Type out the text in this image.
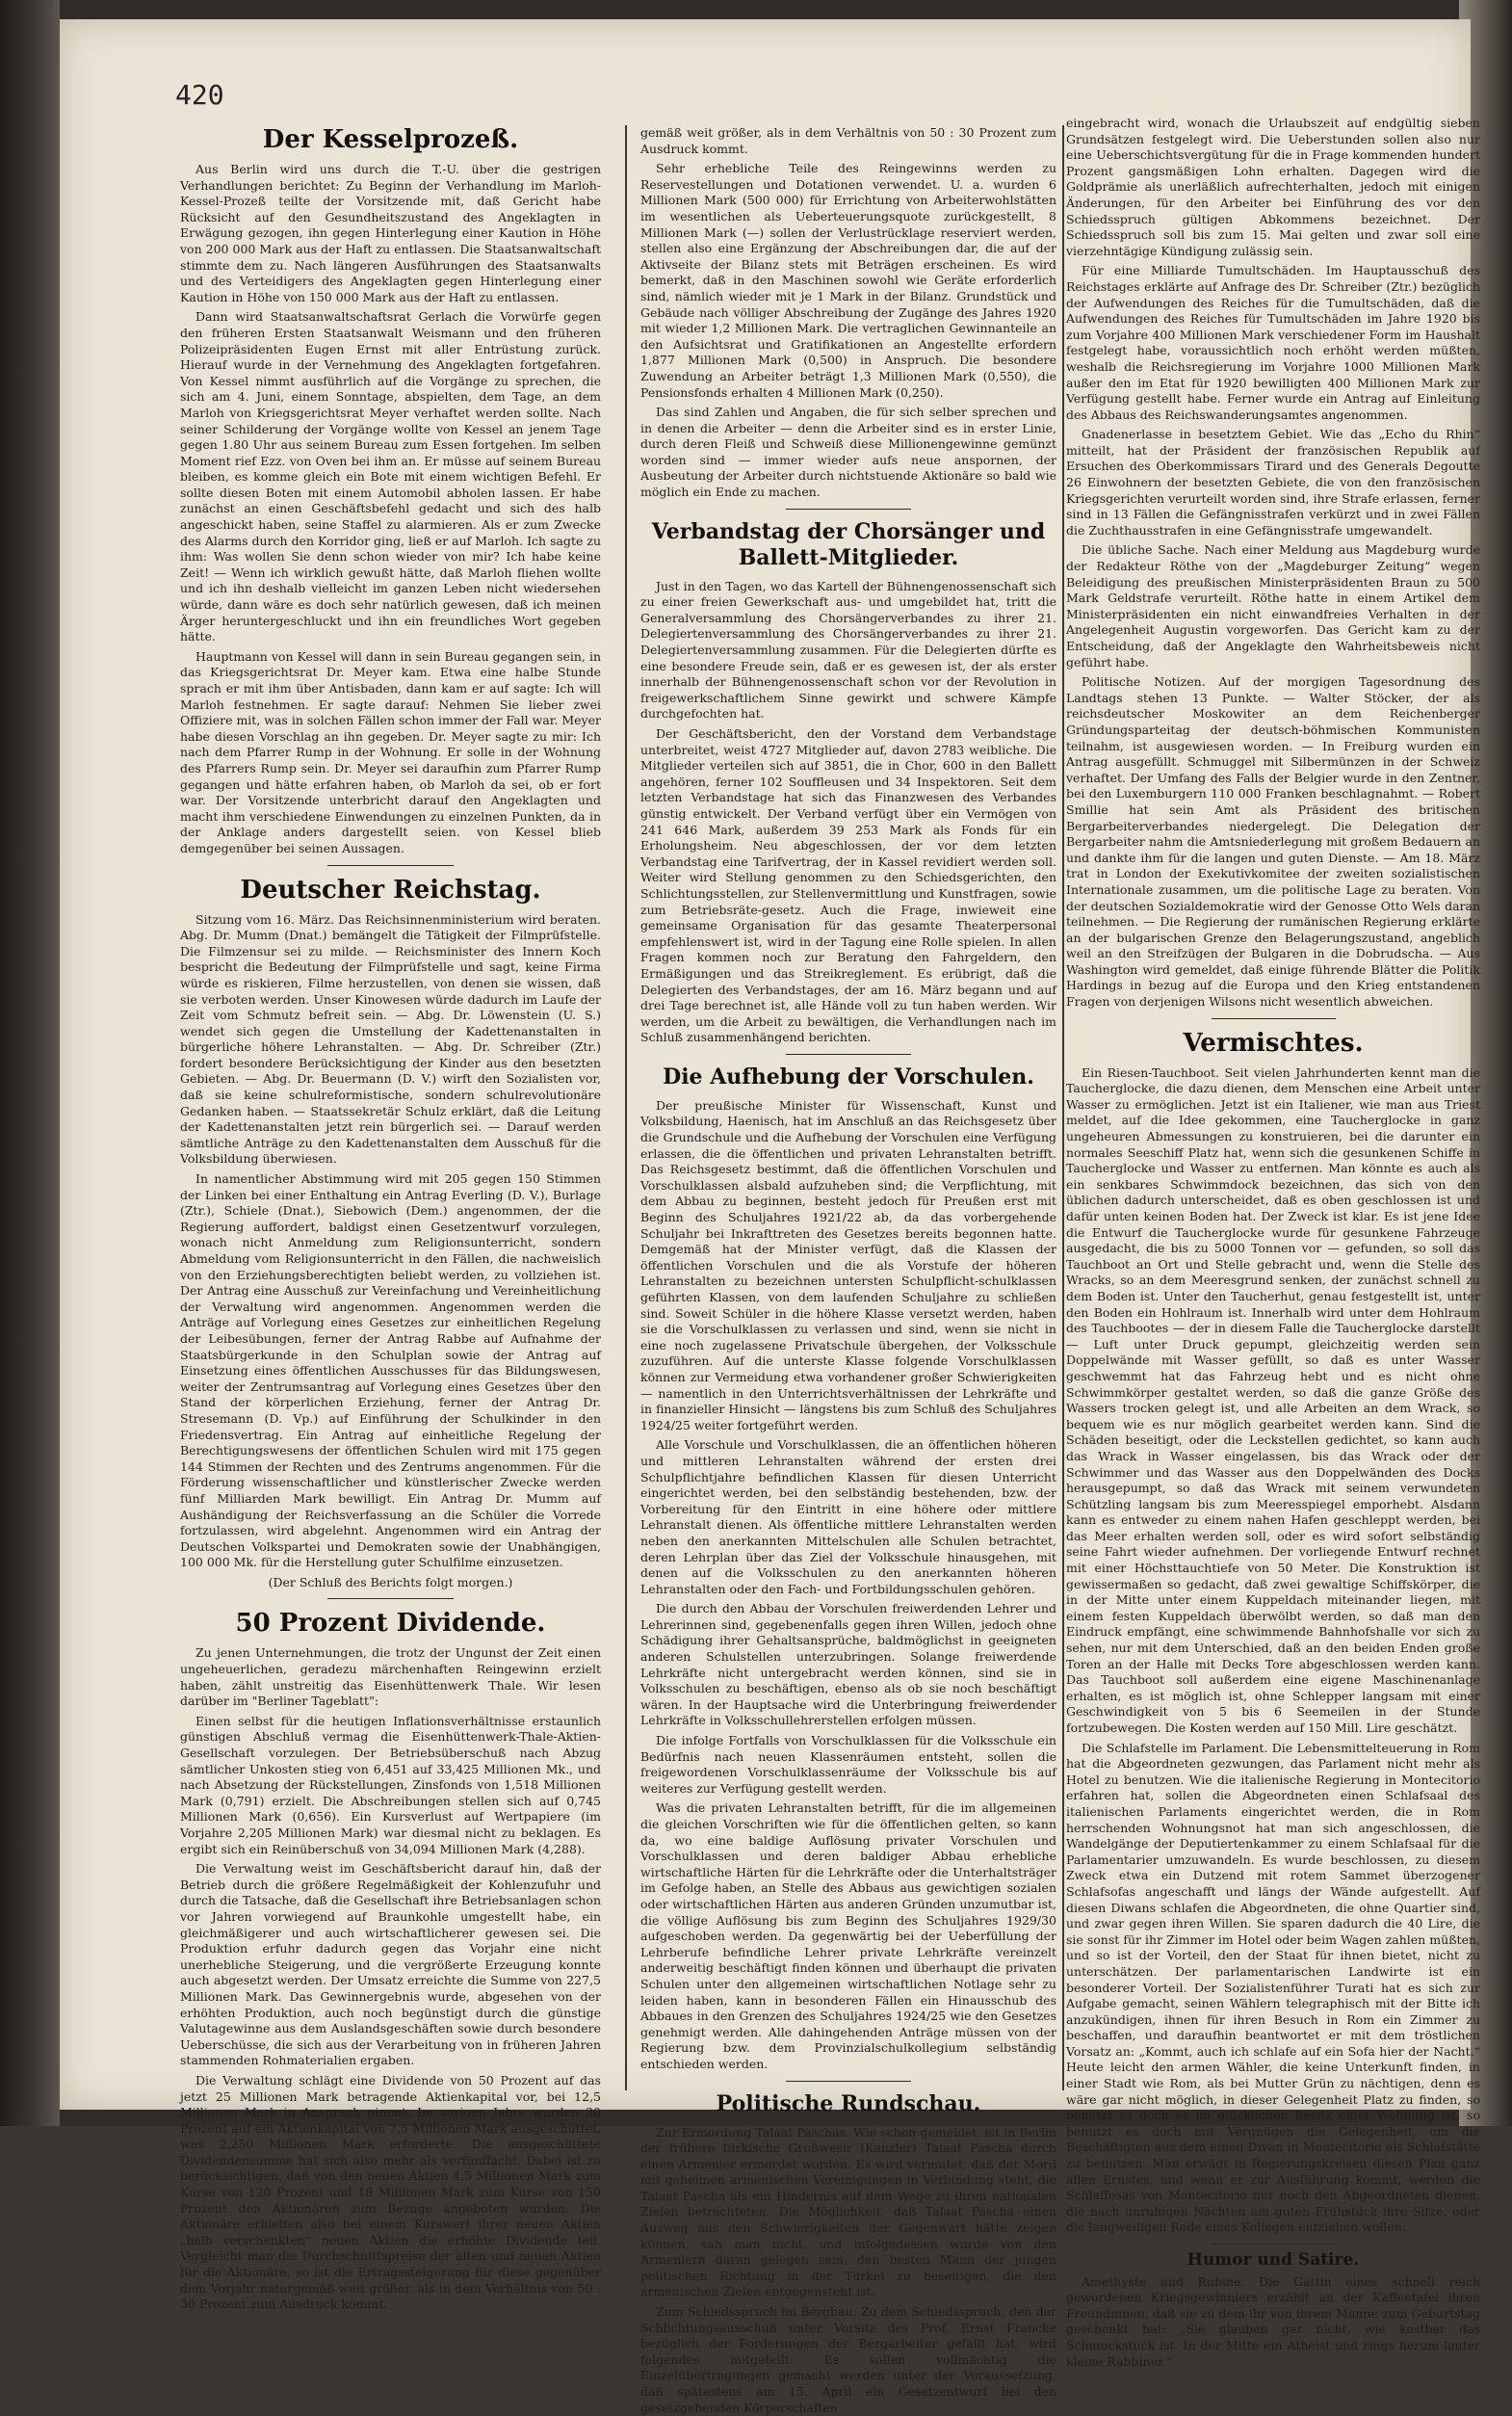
420
Der Kesselprozeß.

Aus Berlin wird uns durch die T.-U. über die gestrigen Verhandlungen berichtet: Zu Beginn der Verhandlung im Marloh-Kessel-Prozeß teilte der Vorsitzende mit, daß Gericht habe Rücksicht auf den Gesundheitszustand des Angeklagten in Erwägung gezogen, ihn gegen Hinterlegung einer Kaution in Höhe von 200 000 Mark aus der Haft zu entlassen. Die Staatsanwaltschaft stimmte dem zu. Nach längeren Ausführungen des Staatsanwalts und des Verteidigers des Angeklagten gegen Hinterlegung einer Kaution in Höhe von 150 000 Mark aus der Haft zu entlassen.

Dann wird Staatsanwaltschaftsrat Gerlach die Vorwürfe gegen den früheren Ersten Staatsanwalt Weismann und den früheren Polizeipräsidenten Eugen Ernst mit aller Entrüstung zurück. Hierauf wurde in der Vernehmung des Angeklagten fortgefahren. Von Kessel nimmt ausführlich auf die Vorgänge zu sprechen, die sich am 4. Juni, einem Sonntage, abspielten, dem Tage, an dem Marloh von Kriegsgerichtsrat Meyer verhaftet werden sollte. Nach seiner Schilderung der Vorgänge wollte von Kessel an jenem Tage gegen 1.80 Uhr aus seinem Bureau zum Essen fortgehen. Im selben Moment rief Ezz. von Oven bei ihm an. Er müsse auf seinem Bureau bleiben, es komme gleich ein Bote mit einem wichtigen Befehl. Er sollte diesen Boten mit einem Automobil abholen lassen. Er habe zunächst an einen Geschäftsbefehl gedacht und sich des halb angeschickt haben, seine Staffel zu alarmieren. Als er zum Zwecke des Alarms durch den Korridor ging, ließ er auf Marloh. Ich sagte zu ihm: Was wollen Sie denn schon wieder von mir? Ich habe keine Zeit! — Wenn ich wirklich gewußt hätte, daß Marloh fliehen wollte und ich ihn deshalb vielleicht im ganzen Leben nicht wiedersehen würde, dann wäre es doch sehr natürlich gewesen, daß ich meinen Ärger heruntergeschluckt und ihn ein freundliches Wort gegeben hätte.

Hauptmann von Kessel will dann in sein Bureau gegangen sein, in das Kriegsgerichtsrat Dr. Meyer kam. Etwa eine halbe Stunde sprach er mit ihm über Antisbaden, dann kam er auf sagte: Ich will Marloh festnehmen. Er sagte darauf: Nehmen Sie lieber zwei Offiziere mit, was in solchen Fällen schon immer der Fall war. Meyer habe diesen Vorschlag an ihn gegeben. Dr. Meyer sagte zu mir: Ich nach dem Pfarrer Rump in der Wohnung. Er solle in der Wohnung des Pfarrers Rump sein. Dr. Meyer sei daraufhin zum Pfarrer Rump gegangen und hätte erfahren haben, ob Marloh da sei, ob er fort war. Der Vorsitzende unterbricht darauf den Angeklagten und macht ihm verschiedene Einwendungen zu einzelnen Punkten, da in der Anklage anders dargestellt seien. von Kessel blieb demgegenüber bei seinen Aussagen.

Deutscher Reichstag.

Sitzung vom 16. März. Das Reichsinnenministerium wird beraten. Abg. Dr. Mumm (Dnat.) bemängelt die Tätigkeit der Filmprüfstelle. Die Filmzensur sei zu milde. — Reichsminister des Innern Koch bespricht die Bedeutung der Filmprüfstelle und sagt, keine Firma würde es riskieren, Filme herzustellen, von denen sie wissen, daß sie verboten werden. Unser Kinowesen würde dadurch im Laufe der Zeit vom Schmutz befreit sein. — Abg. Dr. Löwenstein (U. S.) wendet sich gegen die Umstellung der Kadettenanstalten in bürgerliche höhere Lehranstalten. — Abg. Dr. Schreiber (Ztr.) fordert besondere Berücksichtigung der Kinder aus den besetzten Gebieten. — Abg. Dr. Beuermann (D. V.) wirft den Sozialisten vor, daß sie keine schulreformistische, sondern schulrevolutionäre Gedanken haben. — Staatssekretär Schulz erklärt, daß die Leitung der Kadettenanstalten jetzt rein bürgerlich sei. — Darauf werden sämtliche Anträge zu den Kadettenanstalten dem Ausschuß für die Volksbildung überwiesen.

In namentlicher Abstimmung wird mit 205 gegen 150 Stimmen der Linken bei einer Enthaltung ein Antrag Everling (D. V.), Burlage (Ztr.), Schiele (Dnat.), Siebowich (Dem.) angenommen, der die Regierung auffordert, baldigst einen Gesetzentwurf vorzulegen, wonach nicht Anmeldung zum Religionsunterricht, sondern Abmeldung vom Religionsunterricht in den Fällen, die nachweislich von den Erziehungsberechtigten beliebt werden, zu vollziehen ist. Der Antrag eine Ausschuß zur Vereinfachung und Vereinheitlichung der Verwaltung wird angenommen. Angenommen werden die Anträge auf Vorlegung eines Gesetzes zur einheitlichen Regelung der Leibesübungen, ferner der Antrag Rabbe auf Aufnahme der Staatsbürgerkunde in den Schulplan sowie der Antrag auf Einsetzung eines öffentlichen Ausschusses für das Bildungswesen, weiter der Zentrumsantrag auf Vorlegung eines Gesetzes über den Stand der körperlichen Erziehung, ferner der Antrag Dr. Stresemann (D. Vp.) auf Einführung der Schulkinder in den Friedensvertrag. Ein Antrag auf einheitliche Regelung der Berechtigungswesens der öffentlichen Schulen wird mit 175 gegen 144 Stimmen der Rechten und des Zentrums angenommen. Für die Förderung wissenschaftlicher und künstlerischer Zwecke werden fünf Milliarden Mark bewilligt. Ein Antrag Dr. Mumm auf Aushändigung der Reichsverfassung an die Schüler die Vorrede fortzulassen, wird abgelehnt. Angenommen wird ein Antrag der Deutschen Volkspartei und Demokraten sowie der Unabhängigen, 100 000 Mk. für die Herstellung guter Schulfilme einzusetzen.

(Der Schluß des Berichts folgt morgen.)

50 Prozent Dividende.

Zu jenen Unternehmungen, die trotz der Ungunst der Zeit einen ungeheuerlichen, geradezu märchenhaften Reingewinn erzielt haben, zählt unstreitig das Eisenhüttenwerk Thale. Wir lesen darüber im "Berliner Tageblatt":

Einen selbst für die heutigen Inflationsverhältnisse erstaunlich günstigen Abschluß vermag die Eisenhüttenwerk-Thale-Aktien-Gesellschaft vorzulegen. Der Betriebsüberschuß nach Abzug sämtlicher Unkosten stieg von 6,451 auf 33,425 Millionen Mk., und nach Absetzung der Rückstellungen, Zinsfonds von 1,518 Millionen Mark (0,791) erzielt. Die Abschreibungen stellen sich auf 0,745 Millionen Mark (0,656). Ein Kursverlust auf Wertpapiere (im Vorjahre 2,205 Millionen Mark) war diesmal nicht zu beklagen. Es ergibt sich ein Reinüberschuß von 34,094 Millionen Mark (4,288).

Die Verwaltung weist im Geschäftsbericht darauf hin, daß der Betrieb durch die größere Regelmäßigkeit der Kohlenzufuhr und durch die Tatsache, daß die Gesellschaft ihre Betriebsanlagen schon vor Jahren vorwiegend auf Braunkohle umgestellt habe, ein gleichmäßigerer und auch wirtschaftlicherer gewesen sei. Die Produktion erfuhr dadurch gegen das Vorjahr eine nicht unerhebliche Steigerung, und die vergrößerte Erzeugung konnte auch abgesetzt werden. Der Umsatz erreichte die Summe von 227,5 Millionen Mark. Das Gewinnergebnis wurde, abgesehen von der erhöhten Produktion, auch noch begünstigt durch die günstige Valutagewinne aus dem Auslandsgeschäften sowie durch besondere Ueberschüsse, die sich aus der Verarbeitung von in früheren Jahren stammenden Rohmaterialien ergaben.

Die Verwaltung schlägt eine Dividende von 50 Prozent auf das jetzt 25 Millionen Mark betragende Aktienkapital vor, bei 12,5 Millionen Mark in Anspruch nimmt. Im vorigen Jahre wurden 30 Prozent auf ein Aktienkapital von 7,5 Millionen Mark ausgeschüttet, was 2,250 Millionen Mark erforderte. Die ausgeschüttete Dividendensumme hat sich also mehr als verfünffacht. Dabei ist zu berücksichtigen, daß von den neuen Aktien 4,5 Millionen Mark zum Kurse von 120 Prozent und 18 Millionen Mark zum Kurse von 150 Prozent den Aktionären zum Bezuge angeboten wurden. Die Aktionäre erhielten also bei einem Kurswert ihrer neuen Aktien „halb verschenkten“ neuen Aktien die erhöhte Dividende teil. Vergleicht man die Durchschnittspreise der alten und neuen Aktien für die Aktionäre, so ist die Ertragssteigerung für diese gegenüber dem Vorjahr naturgemäß weit größer, als in dem Verhältnis von 50 : 30 Prozent zum Ausdruck kommt.

gemäß weit größer, als in dem Verhältnis von 50 : 30 Prozent zum Ausdruck kommt.

Sehr erhebliche Teile des Reingewinns werden zu Reservestellungen und Dotationen verwendet. U. a. wurden 6 Millionen Mark (500 000) für Errichtung von Arbeiterwohlstätten im wesentlichen als Ueberteuerungsquote zurückgestellt, 8 Millionen Mark (—) sollen der Verlustrücklage reserviert werden, stellen also eine Ergänzung der Abschreibungen dar, die auf der Aktivseite der Bilanz stets mit Beträgen erscheinen. Es wird bemerkt, daß in den Maschinen sowohl wie Geräte erforderlich sind, nämlich wieder mit je 1 Mark in der Bilanz. Grundstück und Gebäude nach völliger Abschreibung der Zugänge des Jahres 1920 mit wieder 1,2 Millionen Mark. Die vertraglichen Gewinnanteile an den Aufsichtsrat und Gratifikationen an Angestellte erfordern 1,877 Millionen Mark (0,500) in Anspruch. Die besondere Zuwendung an Arbeiter beträgt 1,3 Millionen Mark (0,550), die Pensionsfonds erhalten 4 Millionen Mark (0,250).

Das sind Zahlen und Angaben, die für sich selber sprechen und in denen die Arbeiter — denn die Arbeiter sind es in erster Linie, durch deren Fleiß und Schweiß diese Millionengewinne gemünzt worden sind — immer wieder aufs neue anspornen, der Ausbeutung der Arbeiter durch nichtstuende Aktionäre so bald wie möglich ein Ende zu machen.

Verbandstag der Chorsänger und Ballett-Mitglieder.

Just in den Tagen, wo das Kartell der Bühnengenossenschaft sich zu einer freien Gewerkschaft aus- und umgebildet hat, tritt die Generalversammlung des Chorsängerverbandes zu ihrer 21. Delegiertenversammlung des Chorsängerverbandes zu ihrer 21. Delegiertenversammlung zusammen. Für die Delegierten dürfte es eine besondere Freude sein, daß er es gewesen ist, der als erster innerhalb der Bühnengenossenschaft schon vor der Revolution in freigewerkschaftlichem Sinne gewirkt und schwere Kämpfe durchgefochten hat.

Der Geschäftsbericht, den der Vorstand dem Verbandstage unterbreitet, weist 4727 Mitglieder auf, davon 2783 weibliche. Die Mitglieder verteilen sich auf 3851, die in Chor, 600 in den Ballett angehören, ferner 102 Souffleusen und 34 Inspektoren. Seit dem letzten Verbandstage hat sich das Finanzwesen des Verbandes günstig entwickelt. Der Verband verfügt über ein Vermögen von 241 646 Mark, außerdem 39 253 Mark als Fonds für ein Erholungsheim. Neu abgeschlossen, der vor dem letzten Verbandstag eine Tarifvertrag, der in Kassel revidiert werden soll. Weiter wird Stellung genommen zu den Schiedsgerichten, den Schlichtungsstellen, zur Stellenvermittlung und Kunstfragen, sowie zum Betriebsräte-gesetz. Auch die Frage, inwieweit eine gemeinsame Organisation für das gesamte Theaterpersonal empfehlenswert ist, wird in der Tagung eine Rolle spielen. In allen Fragen kommen noch zur Beratung den Fahrgeldern, den Ermäßigungen und das Streikreglement. Es erübrigt, daß die Delegierten des Verbandstages, der am 16. März begann und auf drei Tage berechnet ist, alle Hände voll zu tun haben werden. Wir werden, um die Arbeit zu bewältigen, die Verhandlungen nach im Schluß zusammenhängend berichten.

Die Aufhebung der Vorschulen.

Der preußische Minister für Wissenschaft, Kunst und Volksbildung, Haenisch, hat im Anschluß an das Reichsgesetz über die Grundschule und die Aufhebung der Vorschulen eine Verfügung erlassen, die die öffentlichen und privaten Lehranstalten betrifft. Das Reichsgesetz bestimmt, daß die öffentlichen Vorschulen und Vorschulklassen alsbald aufzuheben sind; die Verpflichtung, mit dem Abbau zu beginnen, besteht jedoch für Preußen erst mit Beginn des Schuljahres 1921/22 ab, da das vorbergehende Schuljahr bei Inkrafttreten des Gesetzes bereits begonnen hatte. Demgemäß hat der Minister verfügt, daß die Klassen der öffentlichen Vorschulen und die als Vorstufe der höheren Lehranstalten zu bezeichnen untersten Schulpflicht-schulklassen geführten Klassen, von dem laufenden Schuljahre zu schließen sind. Soweit Schüler in die höhere Klasse versetzt werden, haben sie die Vorschulklassen zu verlassen und sind, wenn sie nicht in eine noch zugelassene Privatschule übergehen, der Volksschule zuzuführen. Auf die unterste Klasse folgende Vorschulklassen können zur Vermeidung etwa vorhandener großer Schwierigkeiten — namentlich in den Unterrichtsverhältnissen der Lehrkräfte und in finanzieller Hinsicht — längstens bis zum Schluß des Schuljahres 1924/25 weiter fortgeführt werden.

Alle Vorschule und Vorschulklassen, die an öffentlichen höheren und mittleren Lehranstalten während der ersten drei Schulpflichtjahre befindlichen Klassen für diesen Unterricht eingerichtet werden, bei den selbständig bestehenden, bzw. der Vorbereitung für den Eintritt in eine höhere oder mittlere Lehranstalt dienen. Als öffentliche mittlere Lehranstalten werden neben den anerkannten Mittelschulen alle Schulen betrachtet, deren Lehrplan über das Ziel der Volksschule hinausgehen, mit denen auf die Volksschulen zu den anerkannten höheren Lehranstalten oder den Fach- und Fortbildungsschulen gehören.

Die durch den Abbau der Vorschulen freiwerdenden Lehrer und Lehrerinnen sind, gegebenenfalls gegen ihren Willen, jedoch ohne Schädigung ihrer Gehaltsansprüche, baldmöglichst in geeigneten anderen Schulstellen unterzubringen. Solange freiwerdende Lehrkräfte nicht untergebracht werden können, sind sie in Volksschulen zu beschäftigen, ebenso als ob sie noch beschäftigt wären. In der Hauptsache wird die Unterbringung freiwerdender Lehrkräfte in Volksschullehrerstellen erfolgen müssen.

Die infolge Fortfalls von Vorschulklassen für die Volksschule ein Bedürfnis nach neuen Klassenräumen entsteht, sollen die freigewordenen Vorschulklassenräume der Volksschule bis auf weiteres zur Verfügung gestellt werden.

Was die privaten Lehranstalten betrifft, für die im allgemeinen die gleichen Vorschriften wie für die öffentlichen gelten, so kann da, wo eine baldige Auflösung privater Vorschulen und Vorschulklassen und deren baldiger Abbau erhebliche wirtschaftliche Härten für die Lehrkräfte oder die Unterhaltsträger im Gefolge haben, an Stelle des Abbaus aus gewichtigen sozialen oder wirtschaftlichen Härten aus anderen Gründen unzumutbar ist, die völlige Auflösung bis zum Beginn des Schuljahres 1929/30 aufgeschoben werden. Da gegenwärtig bei der Ueberfüllung der Lehrberufe befindliche Lehrer private Lehrkräfte vereinzelt anderweitig beschäftigt finden können und überhaupt die privaten Schulen unter den allgemeinen wirtschaftlichen Notlage sehr zu leiden haben, kann in besonderen Fällen ein Hinausschub des Abbaues in den Grenzen des Schuljahres 1924/25 wie den Gesetzes genehmigt werden. Alle dahingehenden Anträge müssen von der Regierung bzw. dem Provinzialschulkollegium selbständig entschieden werden.

Politische Rundschau.

Zur Ermordung Talaat Paschas. Wie schon gemeldet, ist in Berlin der frühere türkische Großwesir (Kanzler) Talaat Pascha durch einen Armenier ermordet worden. Es wird vermutet, daß der Mord mit geheimen armenischen Vereinigungen in Verbindung steht, die Talaat Pascha als ein Hindernis auf dem Wege zu ihren nationalen Zielen betrachteten. Die Möglichkeit, daß Talaat Pascha einen Ausweg aus den Schwierigkeiten der Gegenwart hätte zeigen können, sah man nicht, und infolgedessen wurde von den Armeniern daran gelegen sein, den besten Mann der jungen politischen Richtung in der Türkei zu beseitigen, die den armenischen Zielen entgegensteht ist.

Zum Schiedsspruch im Bergbau. Zu dem Schiedsspruch, den der Schlichtungsausschuß unter Vorsitz des Prof. Ernst Francke bezüglich der Forderungen der Bergarbeiter gefällt hat, wird folgendes mitgeteilt: Es sollen vollmächtig die Einzelübertragungen gemacht werden unter der Voraussetzung, daß spätestens am 15. April ein Gesetzentwurf bei den gesetzgebenden Körperschaften

eingebracht wird, wonach die Urlaubszeit auf endgültig sieben Grundsätzen festgelegt wird. Die Ueberstunden sollen also nur eine Ueberschichtsvergütung für die in Frage kommenden hundert Prozent gangsmäßigen Lohn erhalten. Dagegen wird die Goldprämie als unerläßlich aufrechterhalten, jedoch mit einigen Änderungen, für den Arbeiter bei Einführung des vor den Schiedsspruch gültigen Abkommens bezeichnet. Der Schiedsspruch soll bis zum 15. Mai gelten und zwar soll eine vierzehntägige Kündigung zulässig sein.

Für eine Milliarde Tumultschäden. Im Hauptausschuß des Reichstages erklärte auf Anfrage des Dr. Schreiber (Ztr.) bezüglich der Aufwendungen des Reiches für die Tumultschäden, daß die Aufwendungen des Reiches für Tumultschäden im Jahre 1920 bis zum Vorjahre 400 Millionen Mark verschiedener Form im Haushalt festgelegt habe, voraussichtlich noch erhöht werden müßten, weshalb die Reichsregierung im Vorjahre 1000 Millionen Mark außer den im Etat für 1920 bewilligten 400 Millionen Mark zur Verfügung gestellt habe. Ferner wurde ein Antrag auf Einleitung des Abbaus des Reichswanderungsamtes angenommen.

Gnadenerlasse in besetztem Gebiet. Wie das „Echo du Rhin“ mitteilt, hat der Präsident der französischen Republik auf Ersuchen des Oberkommissars Tirard und des Generals Degoutte 26 Einwohnern der besetzten Gebiete, die von den französischen Kriegsgerichten verurteilt worden sind, ihre Strafe erlassen, ferner sind in 13 Fällen die Gefängnisstrafen verkürzt und in zwei Fällen die Zuchthausstrafen in eine Gefängnisstrafe umgewandelt.

Die übliche Sache. Nach einer Meldung aus Magdeburg wurde der Redakteur Röthe von der „Magdeburger Zeitung“ wegen Beleidigung des preußischen Ministerpräsidenten Braun zu 500 Mark Geldstrafe verurteilt. Röthe hatte in einem Artikel dem Ministerpräsidenten ein nicht einwandfreies Verhalten in der Angelegenheit Augustin vorgeworfen. Das Gericht kam zu der Entscheidung, daß der Angeklagte den Wahrheitsbeweis nicht geführt habe.

Politische Notizen. Auf der morgigen Tagesordnung des Landtags stehen 13 Punkte. — Walter Stöcker, der als reichsdeutscher Moskowiter an dem Reichenberger Gründungsparteitag der deutsch-böhmischen Kommunisten teilnahm, ist ausgewiesen worden. — In Freiburg wurden ein Antrag ausgefüllt. Schmuggel mit Silbermünzen in der Schweiz verhaftet. Der Umfang des Falls der Belgier wurde in den Zentner, bei den Luxemburgern 110 000 Franken beschlagnahmt. — Robert Smillie hat sein Amt als Präsident des britischen Bergarbeiterverbandes niedergelegt. Die Delegation der Bergarbeiter nahm die Amtsniederlegung mit großem Bedauern an und dankte ihm für die langen und guten Dienste. — Am 18. März trat in London der Exekutivkomitee der zweiten sozialistischen Internationale zusammen, um die politische Lage zu beraten. Von der deutschen Sozialdemokratie wird der Genosse Otto Wels daran teilnehmen. — Die Regierung der rumänischen Regierung erklärte an der bulgarischen Grenze den Belagerungszustand, angeblich weil an den Streifzügen der Bulgaren in die Dobrudscha. — Aus Washington wird gemeldet, daß einige führende Blätter die Politik Hardings in bezug auf die Europa und den Krieg entstandenen Fragen von derjenigen Wilsons nicht wesentlich abweichen.

Vermischtes.

Ein Riesen-Tauchboot. Seit vielen Jahrhunderten kennt man die Taucherglocke, die dazu dienen, dem Menschen eine Arbeit unter Wasser zu ermöglichen. Jetzt ist ein Italiener, wie man aus Triest meldet, auf die Idee gekommen, eine Taucherglocke in ganz ungeheuren Abmessungen zu konstruieren, bei die darunter ein normales Seeschiff Platz hat, wenn sich die gesunkenen Schiffe in Taucherglocke und Wasser zu entfernen. Man könnte es auch als ein senkbares Schwimmdock bezeichnen, das sich von den üblichen dadurch unterscheidet, daß es oben geschlossen ist und dafür unten keinen Boden hat. Der Zweck ist klar. Es ist jene Idee die Entwurf die Taucherglocke wurde für gesunkene Fahrzeuge ausgedacht, die bis zu 5000 Tonnen vor — gefunden, so soll das Tauchboot an Ort und Stelle gebracht und, wenn die Stelle des Wracks, so an dem Meeresgrund senken, der zunächst schnell zu dem Boden ist. Unter den Taucherhut, genau festgestellt ist, unter den Boden ein Hohlraum ist. Innerhalb wird unter dem Hohlraum des Tauchbootes — der in diesem Falle die Taucherglocke darstellt — Luft unter Druck gepumpt, gleichzeitig werden sein Doppelwände mit Wasser gefüllt, so daß es unter Wasser geschwemmt hat das Fahrzeug hebt und es nicht ohne Schwimmkörper gestaltet werden, so daß die ganze Größe des Wassers trocken gelegt ist, und alle Arbeiten an dem Wrack, so bequem wie es nur möglich gearbeitet werden kann. Sind die Schäden beseitigt, oder die Leckstellen gedichtet, so kann auch das Wrack in Wasser eingelassen, bis das Wrack oder der Schwimmer und das Wasser aus den Doppelwänden des Docks herausgepumpt, so daß das Wrack mit seinem verwundeten Schützling langsam bis zum Meeresspiegel emporhebt. Alsdann kann es entweder zu einem nahen Hafen geschleppt werden, bei das Meer erhalten werden soll, oder es wird sofort selbständig seine Fahrt wieder aufnehmen. Der vorliegende Entwurf rechnet mit einer Höchsttauchtiefe von 50 Meter. Die Konstruktion ist gewissermaßen so gedacht, daß zwei gewaltige Schiffskörper, die in der Mitte unter einem Kuppeldach miteinander liegen, mit einem festen Kuppeldach überwölbt werden, so daß man den Eindruck empfängt, eine schwimmende Bahnhofshalle vor sich zu sehen, nur mit dem Unterschied, daß an den beiden Enden große Toren an der Halle mit Decks Tore abgeschlossen werden kann. Das Tauchboot soll außerdem eine eigene Maschinenanlage erhalten, es ist möglich ist, ohne Schlepper langsam mit einer Geschwindigkeit von 5 bis 6 Seemeilen in der Stunde fortzubewegen. Die Kosten werden auf 150 Mill. Lire geschätzt.

Die Schlafstelle im Parlament. Die Lebensmittelteuerung in Rom hat die Abgeordneten gezwungen, das Parlament nicht mehr als Hotel zu benutzen. Wie die italienische Regierung in Montecitorio erfahren hat, sollen die Abgeordneten einen Schlafsaal des italienischen Parlaments eingerichtet werden, die in Rom herrschenden Wohnungsnot hat man sich angeschlossen, die Wandelgänge der Deputiertenkammer zu einem Schlafsaal für die Parlamentarier umzuwandeln. Es wurde beschlossen, zu diesem Zweck etwa ein Dutzend mit rotem Sammet überzogener Schlafsofas angeschafft und längs der Wände aufgestellt. Auf diesen Diwans schlafen die Abgeordneten, die ohne Quartier sind, und zwar gegen ihren Willen. Sie sparen dadurch die 40 Lire, die sie sonst für ihr Zimmer im Hotel oder beim Wagen zahlen müßten, und so ist der Vorteil, den der Staat für ihnen bietet, nicht zu unterschätzen. Der parlamentarischen Landwirte ist ein besonderer Vorteil. Der Sozialistenführer Turati hat es sich zur Aufgabe gemacht, seinen Wählern telegraphisch mit der Bitte ich anzukündigen, ihnen für ihren Besuch in Rom ein Zimmer zu beschaffen, und daraufhin beantwortet er mit dem tröstlichen Vorsatz an: „Kommt, auch ich schlafe auf ein Sofa hier der Nacht.“ Heute leicht den armen Wähler, die keine Unterkunft finden, in einer Stadt wie Rom, als bei Mutter Grün zu nächtigen, denn es wäre gar nicht möglich, in dieser Gelegenheit Platz zu finden, so benutzt es doch es im glücklichen Besitz einer Wohnung ist, so benutzt es doch mit Vergnügen die Gelegenheit, um die Beschäftigten aus dem einen Divan in Montecitorio als Schlafstätte zu benutzen. Man erwägt in Regierungskreisen diesen Plan ganz allen Ernstes, und wenn er zur Ausführung kommt, werden die Schlaffosas von Montecitorio nur noch den Abgeordneten dienen, die nach unruhigen Nächten am guten Frühstück ihre Sitze, oder die langweiligen Rede eines Kollegen entziehen wollen.

Humor und Satire.

Amethyste und Rubine. Die Gattin eines schnell reich gewordenen Kriegsgewinnlers erzählt an der Kaffeetafel ihren Freundinnen, daß sie zu dem ihr von ihrem Manne zum Geburtstag geschenkt hat: „Sie glauben gar nicht, wie kostbar das Schmuckstück ist. In der Mitte ein Atheist und rings herum lauter kleine Rabbiner.“
